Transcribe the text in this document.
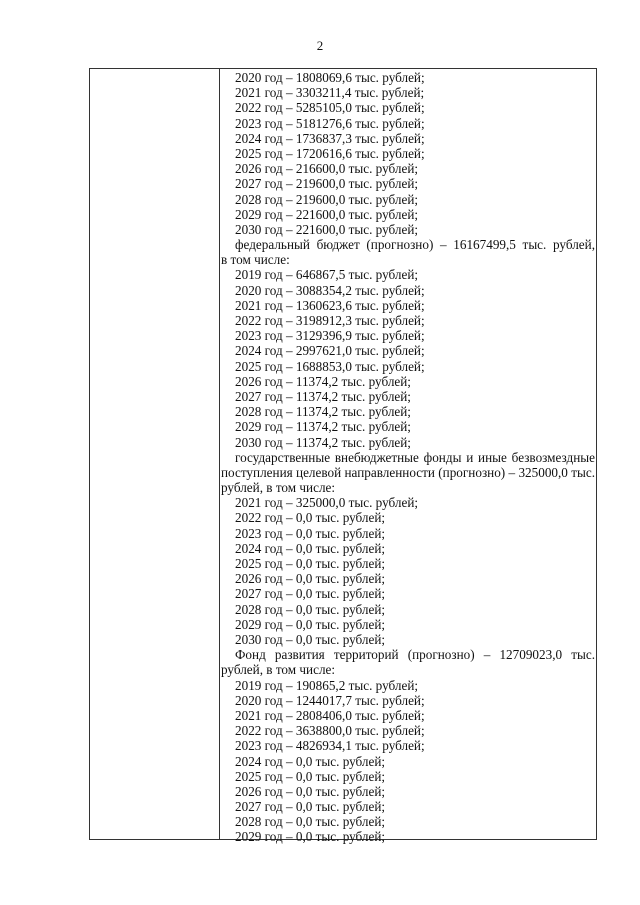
2
2020 год – 1808069,6 тыс. рублей;
2021 год – 3303211,4 тыс. рублей;
2022 год – 5285105,0 тыс. рублей;
2023 год – 5181276,6 тыс. рублей;
2024 год – 1736837,3 тыс. рублей;
2025 год – 1720616,6 тыс. рублей;
2026 год – 216600,0 тыс. рублей;
2027 год – 219600,0 тыс. рублей;
2028 год – 219600,0 тыс. рублей;
2029 год – 221600,0 тыс. рублей;
2030 год – 221600,0 тыс. рублей;
федеральный бюджет (прогнозно) – 16167499,5 тыс. рублей,
в том числе:
2019 год – 646867,5 тыс. рублей;
2020 год – 3088354,2 тыс. рублей;
2021 год – 1360623,6 тыс. рублей;
2022 год – 3198912,3 тыс. рублей;
2023 год – 3129396,9 тыс. рублей;
2024 год – 2997621,0 тыс. рублей;
2025 год – 1688853,0 тыс. рублей;
2026 год – 11374,2 тыс. рублей;
2027 год – 11374,2 тыс. рублей;
2028 год – 11374,2 тыс. рублей;
2029 год – 11374,2 тыс. рублей;
2030 год – 11374,2 тыс. рублей;
государственные внебюджетные фонды и иные безвозмездные
поступления целевой направленности (прогнозно) – 325000,0 тыс.
рублей, в том числе:
2021 год – 325000,0 тыс. рублей;
2022 год – 0,0 тыс. рублей;
2023 год – 0,0 тыс. рублей;
2024 год – 0,0 тыс. рублей;
2025 год – 0,0 тыс. рублей;
2026 год – 0,0 тыс. рублей;
2027 год – 0,0 тыс. рублей;
2028 год – 0,0 тыс. рублей;
2029 год – 0,0 тыс. рублей;
2030 год – 0,0 тыс. рублей;
Фонд развития территорий (прогнозно) – 12709023,0 тыс.
рублей, в том числе:
2019 год – 190865,2 тыс. рублей;
2020 год – 1244017,7 тыс. рублей;
2021 год – 2808406,0 тыс. рублей;
2022 год – 3638800,0 тыс. рублей;
2023 год – 4826934,1 тыс. рублей;
2024 год – 0,0 тыс. рублей;
2025 год – 0,0 тыс. рублей;
2026 год – 0,0 тыс. рублей;
2027 год – 0,0 тыс. рублей;
2028 год – 0,0 тыс. рублей;
2029 год – 0,0 тыс. рублей;
